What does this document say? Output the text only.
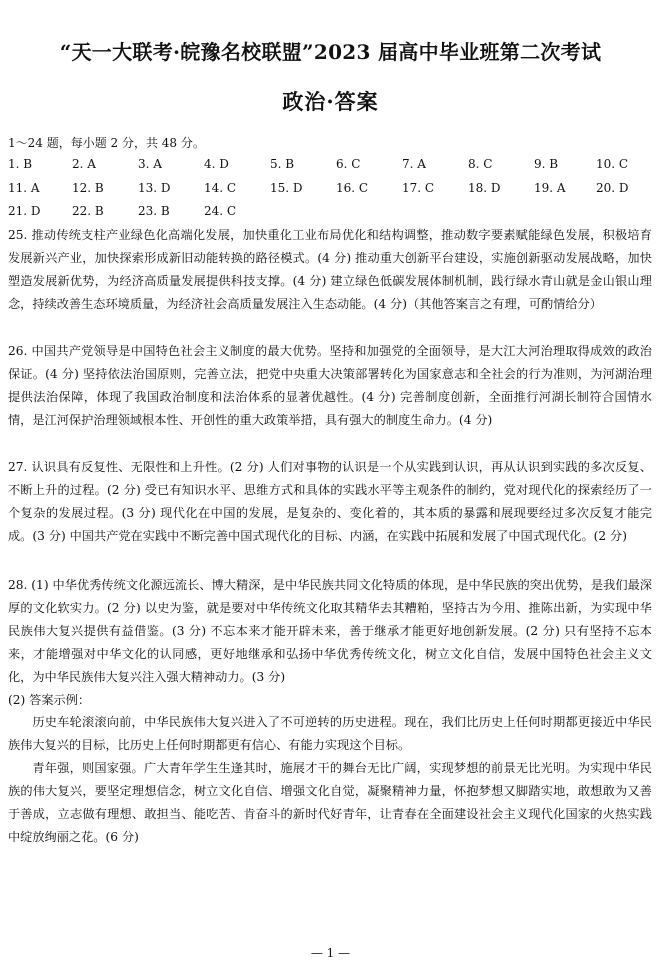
“天一大联考·皖豫名校联盟”2023 届高中毕业班第二次考试
政治·答案
1～24 题，每小题 2 分，共 48 分。
1. B	2. A	3. A	4. D	5. B	6. C	7. A	8. C	9. B	10. C
11. A	12. B	13. D	14. C	15. D	16. C	17. C	18. D	19. A	20. D
21. D	22. B	23. B	24. C
25. 推动传统支柱产业绿色化高端化发展，加快重化工业布局优化和结构调整，推动数字要素赋能绿色发展，积极培育发展新兴产业，加快探索形成新旧动能转换的路径模式。(4 分) 推动重大创新平台建设，实施创新驱动发展战略，加快塑造发展新优势，为经济高质量发展提供科技支撑。(4 分) 建立绿色低碳发展体制机制，践行绿水青山就是金山银山理念，持续改善生态环境质量，为经济社会高质量发展注入生态动能。(4 分)（其他答案言之有理，可酌情给分）
26. 中国共产党领导是中国特色社会主义制度的最大优势。坚持和加强党的全面领导，是大江大河治理取得成效的政治保证。(4 分) 坚持依法治国原则，完善立法，把党中央重大决策部署转化为国家意志和全社会的行为准则，为河湖治理提供法治保障，体现了我国政治制度和法治体系的显著优越性。(4 分) 完善制度创新，全面推行河湖长制符合国情水情，是江河保护治理领域根本性、开创性的重大政策举措，具有强大的制度生命力。(4 分)
27. 认识具有反复性、无限性和上升性。(2 分) 人们对事物的认识是一个从实践到认识，再从认识到实践的多次反复、不断上升的过程。(2 分) 受已有知识水平、思维方式和具体的实践水平等主观条件的制约，党对现代化的探索经历了一个复杂的发展过程。(3 分) 现代化在中国的发展，是复杂的、变化着的，其本质的暴露和展现要经过多次反复才能完成。(3 分) 中国共产党在实践中不断完善中国式现代化的目标、内涵，在实践中拓展和发展了中国式现代化。(2 分)
28. (1) 中华优秀传统文化源远流长、博大精深，是中华民族共同文化特质的体现，是中华民族的突出优势，是我们最深厚的文化软实力。(2 分) 以史为鉴，就是要对中华传统文化取其精华去其糟粕，坚持古为今用、推陈出新，为实现中华民族伟大复兴提供有益借鉴。(3 分) 不忘本来才能开辟未来，善于继承才能更好地创新发展。(2 分) 只有坚持不忘本来，才能增强对中华文化的认同感，更好地继承和弘扬中华优秀传统文化，树立文化自信，发展中国特色社会主义文化，为中华民族伟大复兴注入强大精神动力。(3 分)
(2) 答案示例：
历史车轮滚滚向前，中华民族伟大复兴进入了不可逆转的历史进程。现在，我们比历史上任何时期都更接近中华民族伟大复兴的目标，比历史上任何时期都更有信心、有能力实现这个目标。
青年强，则国家强。广大青年学生生逢其时，施展才干的舞台无比广阔，实现梦想的前景无比光明。为实现中华民族的伟大复兴，要坚定理想信念，树立文化自信、增强文化自觉，凝聚精神力量，怀抱梦想又脚踏实地，敢想敢为又善于善成，立志做有理想、敢担当、能吃苦、肯奋斗的新时代好青年，让青春在全面建设社会主义现代化国家的火热实践中绽放绚丽之花。(6 分)
— 1 —
